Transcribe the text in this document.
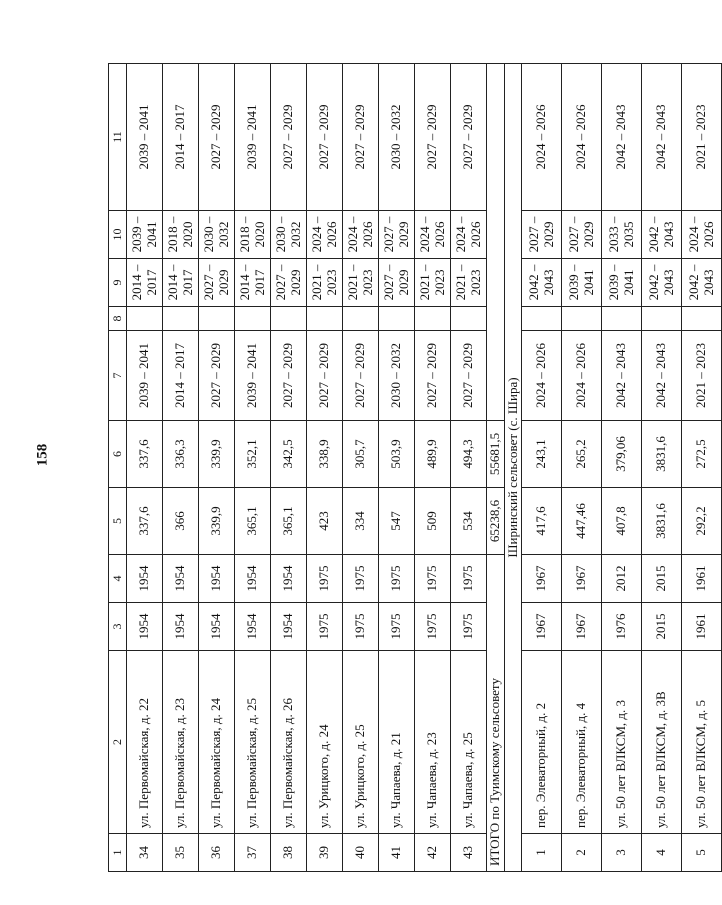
158
1	2	3	4	5	6	7	8	9	10	11
34	ул. Первомайская, д. 22	1954	1954	337,6	337,6	2039 – 2041		2014 – 2017	2039 – 2041	2039 – 2041
35	ул. Первомайская, д. 23	1954	1954	366	336,3	2014 – 2017		2014 – 2017	2018 – 2020	2014 – 2017
36	ул. Первомайская, д. 24	1954	1954	339,9	339,9	2027 – 2029		2027 – 2029	2030 – 2032	2027 – 2029
37	ул. Первомайская, д. 25	1954	1954	365,1	352,1	2039 – 2041		2014 – 2017	2018 – 2020	2039 – 2041
38	ул. Первомайская, д. 26	1954	1954	365,1	342,5	2027 – 2029		2027 – 2029	2030 – 2032	2027 – 2029
39	ул. Урицкого, д. 24	1975	1975	423	338,9	2027 – 2029		2021 – 2023	2024 – 2026	2027 – 2029
40	ул. Урицкого, д. 25	1975	1975	334	305,7	2027 – 2029		2021 – 2023	2024 – 2026	2027 – 2029
41	ул. Чапаева, д. 21	1975	1975	547	503,9	2030 – 2032		2027 – 2029	2027 – 2029	2030 – 2032
42	ул. Чапаева, д. 23	1975	1975	509	489,9	2027 – 2029		2021 – 2023	2024 – 2026	2027 – 2029
43	ул. Чапаева, д. 25	1975	1975	534	494,3	2027 – 2029		2021 – 2023	2024 – 2026	2027 – 2029
ИТОГО по Туимскому сельсовету				65238,6	55681,5					
Ширинский сельсовет (с. Шира)										
1	пер. Элеваторный, д. 2	1967	1967	417,6	243,1	2024 – 2026		2042 – 2043	2027 – 2029	2024 – 2026
2	пер. Элеваторный, д. 4	1967	1967	447,46	265,2	2024 – 2026		2039 – 2041	2027 – 2029	2024 – 2026
3	ул. 50 лет ВЛКСМ, д. 3	1976	2012	407,8	379,06	2042 – 2043		2039 – 2041	2033 – 2035	2042 – 2043
4	ул. 50 лет ВЛКСМ, д. 3В	2015	2015	3831,6	3831,6	2042 – 2043		2042 – 2043	2042 – 2043	2042 – 2043
5	ул. 50 лет ВЛКСМ, д. 5	1961	1961	292,2	272,5	2021 – 2023		2042 – 2043	2024 – 2026	2021 – 2023
